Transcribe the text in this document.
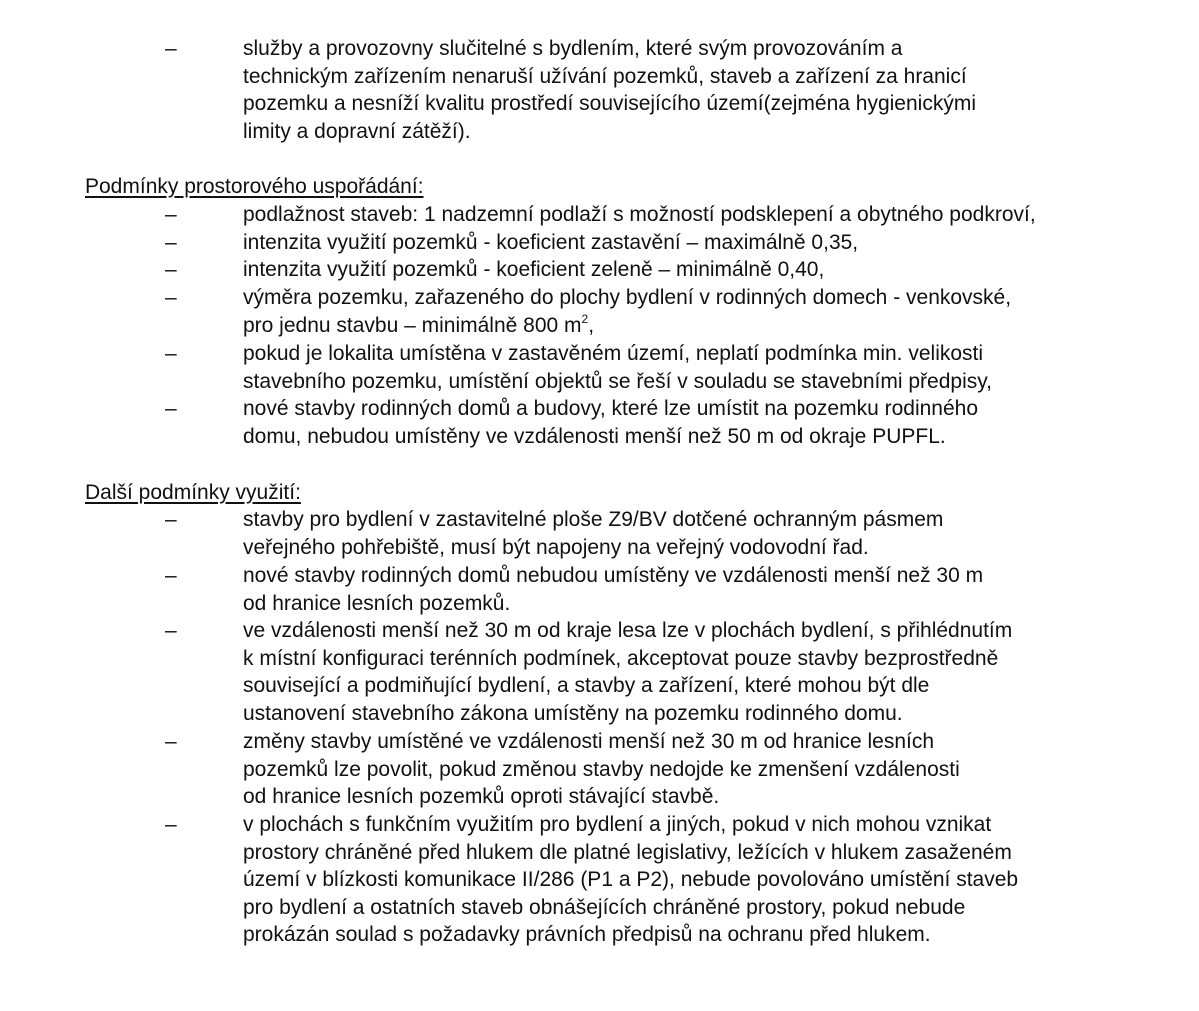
–	služby a provozovny slučitelné s bydlením, které svým provozováním a
technickým zařízením nenaruší užívání pozemků, staveb a zařízení za hranicí
pozemku a nesníží kvalitu prostředí souvisejícího území(zejména hygienickými
limity a dopravní zátěží).
Podmínky prostorového uspořádání:
–	podlažnost staveb: 1 nadzemní podlaží s možností podsklepení a obytného podkroví,
–	intenzita využití pozemků - koeficient zastavění – maximálně 0,35,
–	intenzita využití pozemků - koeficient zeleně – minimálně 0,40,
–	výměra pozemku, zařazeného do plochy bydlení v rodinných domech - venkovské,
pro jednu stavbu – minimálně 800 $m^2$,
–	pokud je lokalita umístěna v zastavěném území, neplatí podmínka min. velikosti
stavebního pozemku, umístění objektů se řeší v souladu se stavebními předpisy,
–	nové stavby rodinných domů a budovy, které lze umístit na pozemku rodinného
domu, nebudou umístěny ve vzdálenosti menší než 50 m od okraje PUPFL.
Další podmínky využití:
–	stavby pro bydlení v zastavitelné ploše Z9/BV dotčené ochranným pásmem
veřejného pohřebiště, musí být napojeny na veřejný vodovodní řad.
–	nové stavby rodinných domů nebudou umístěny ve vzdálenosti menší než 30 m
od hranice lesních pozemků.
–	ve vzdálenosti menší než 30 m od kraje lesa lze v plochách bydlení, s přihlédnutím
k místní konfiguraci terénních podmínek, akceptovat pouze stavby bezprostředně
související a podmiňující bydlení, a stavby a zařízení, které mohou být dle
ustanovení stavebního zákona umístěny na pozemku rodinného domu.
–	změny stavby umístěné ve vzdálenosti menší než 30 m od hranice lesních
pozemků lze povolit, pokud změnou stavby nedojde ke zmenšení vzdálenosti
od hranice lesních pozemků oproti stávající stavbě.
–	v plochách s funkčním využitím pro bydlení a jiných, pokud v nich mohou vznikat
prostory chráněné před hlukem dle platné legislativy, ležících v hlukem zasaženém
území v blízkosti komunikace II/286 (P1 a P2), nebude povolováno umístění staveb
pro bydlení a ostatních staveb obnášejících chráněné prostory, pokud nebude
prokázán soulad s požadavky právních předpisů na ochranu před hlukem.
